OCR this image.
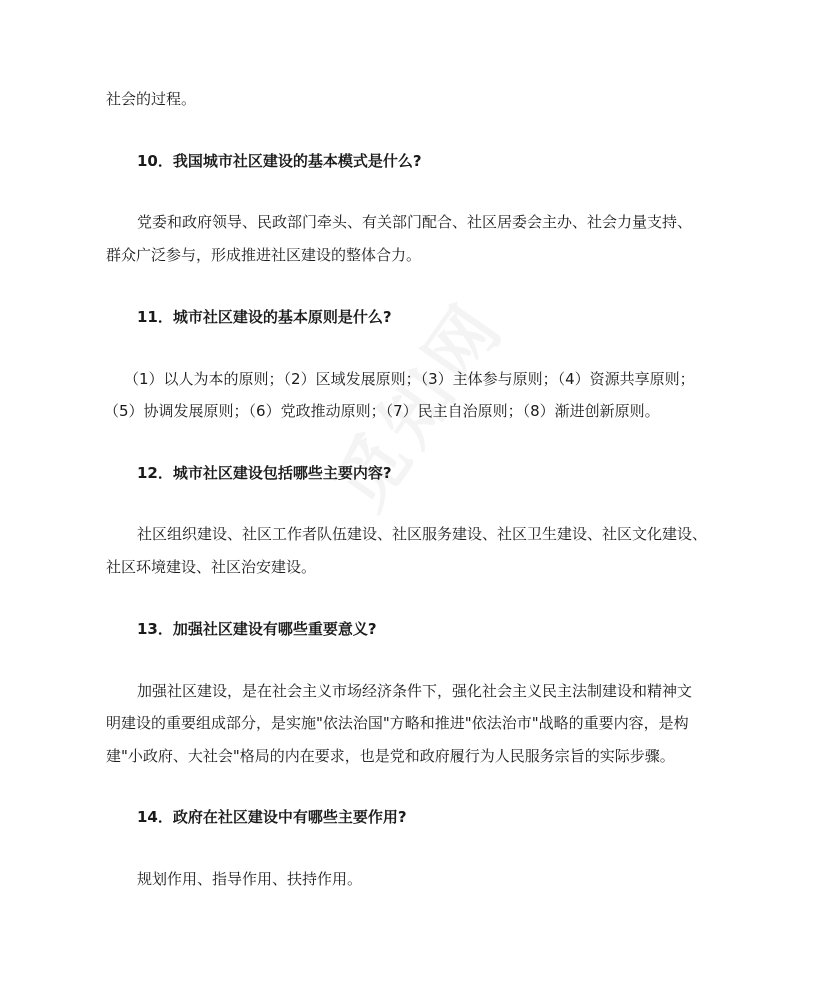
社会的过程。
10．我国城市社区建设的基本模式是什么?
党委和政府领导、民政部门牵头、有关部门配合、社区居委会主办、社会力量支持、
群众广泛参与，形成推进社区建设的整体合力。
11．城市社区建设的基本原则是什么?
（1）以人为本的原则；（2）区域发展原则；（3）主体参与原则；（4）资源共享原则；
（5）协调发展原则；（6）党政推动原则；（7）民主自治原则；（8）渐进创新原则。
12．城市社区建设包括哪些主要内容?
社区组织建设、社区工作者队伍建设、社区服务建设、社区卫生建设、社区文化建设、
社区环境建设、社区治安建设。
13．加强社区建设有哪些重要意义?
加强社区建设，是在社会主义市场经济条件下，强化社会主义民主法制建设和精神文
明建设的重要组成部分，是实施"依法治国"方略和推进"依法治市"战略的重要内容，是构
建"小政府、大社会"格局的内在要求，也是党和政府履行为人民服务宗旨的实际步骤。
14．政府在社区建设中有哪些主要作用?
规划作用、指导作用、扶持作用。
